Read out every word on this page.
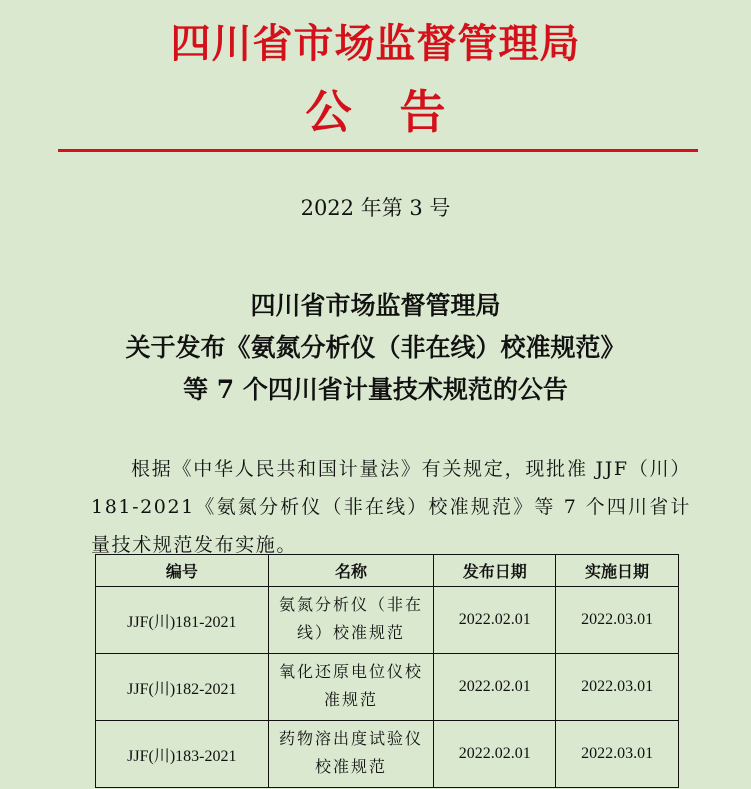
四川省市场监督管理局
公 告
2022 年第 3 号
四川省市场监督管理局
关于发布《氨氮分析仪（非在线）校准规范》
等 7 个四川省计量技术规范的公告
根据《中华人民共和国计量法》有关规定，现批准 JJF（川）181-2021《氨氮分析仪（非在线）校准规范》等 7 个四川省计量技术规范发布实施。
编号	名称	发布日期	实施日期
JJF(川)181-2021	氨氮分析仪（非在线）校准规范	2022.02.01	2022.03.01
JJF(川)182-2021	氧化还原电位仪校准规范	2022.02.01	2022.03.01
JJF(川)183-2021	药物溶出度试验仪校准规范	2022.02.01	2022.03.01
